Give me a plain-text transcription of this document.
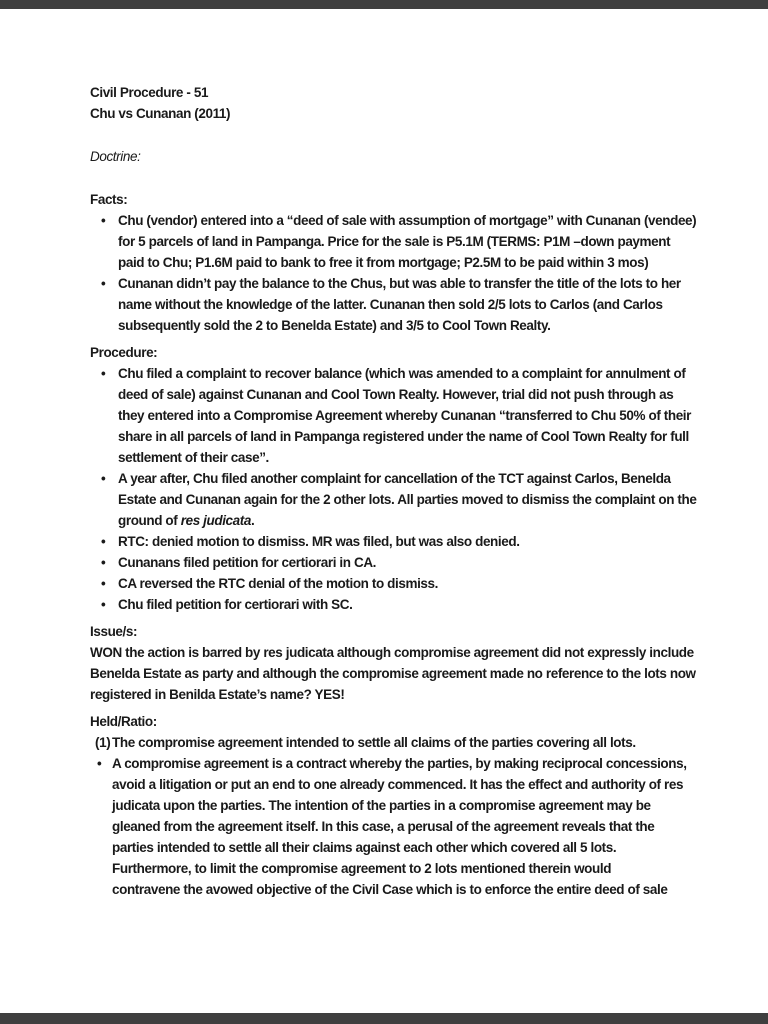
Civil Procedure - 51
Chu vs Cunanan (2011)
Doctrine:
Facts:
• Chu (vendor) entered into a “deed of sale with assumption of mortgage” with Cunanan (vendee)
for 5 parcels of land in Pampanga. Price for the sale is P5.1M (TERMS: P1M –down payment
paid to Chu; P1.6M paid to bank to free it from mortgage; P2.5M to be paid within 3 mos)
• Cunanan didn’t pay the balance to the Chus, but was able to transfer the title of the lots to her
name without the knowledge of the latter. Cunanan then sold 2/5 lots to Carlos (and Carlos
subsequently sold the 2 to Benelda Estate) and 3/5 to Cool Town Realty.
Procedure:
• Chu filed a complaint to recover balance (which was amended to a complaint for annulment of
deed of sale) against Cunanan and Cool Town Realty. However, trial did not push through as
they entered into a Compromise Agreement whereby Cunanan “transferred to Chu 50% of their
share in all parcels of land in Pampanga registered under the name of Cool Town Realty for full
settlement of their case”.
• A year after, Chu filed another complaint for cancellation of the TCT against Carlos, Benelda
Estate and Cunanan again for the 2 other lots. All parties moved to dismiss the complaint on the
ground of res judicata.
• RTC: denied motion to dismiss. MR was filed, but was also denied.
• Cunanans filed petition for certiorari in CA.
• CA reversed the RTC denial of the motion to dismiss.
• Chu filed petition for certiorari with SC.
Issue/s:
WON the action is barred by res judicata although compromise agreement did not expressly include
Benelda Estate as party and although the compromise agreement made no reference to the lots now
registered in Benilda Estate’s name? YES!
Held/Ratio:
(1) The compromise agreement intended to settle all claims of the parties covering all lots.
• A compromise agreement is a contract whereby the parties, by making reciprocal concessions,
avoid a litigation or put an end to one already commenced. It has the effect and authority of res
judicata upon the parties. The intention of the parties in a compromise agreement may be
gleaned from the agreement itself. In this case, a perusal of the agreement reveals that the
parties intended to settle all their claims against each other which covered all 5 lots.
Furthermore, to limit the compromise agreement to 2 lots mentioned therein would
contravene the avowed objective of the Civil Case which is to enforce the entire deed of sale
